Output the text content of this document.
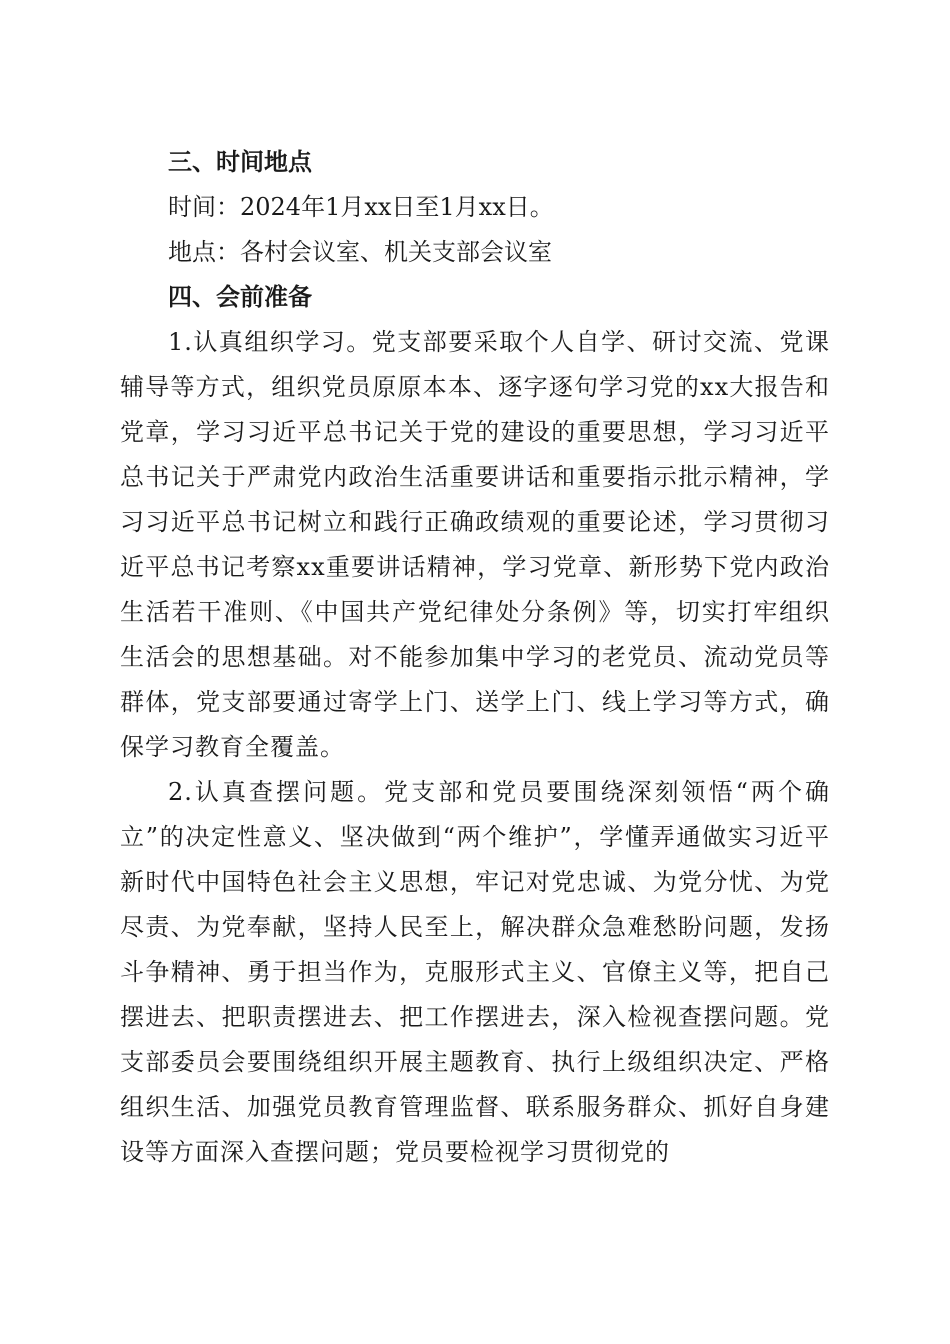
三、时间地点

时间：2024年1月xx日至1月xx日。

地点：各村会议室、机关支部会议室

四、会前准备

1.认真组织学习。党支部要采取个人自学、研讨交流、党课辅导等方式，组织党员原原本本、逐字逐句学习党的xx大报告和党章，学习习近平总书记关于党的建设的重要思想，学习习近平总书记关于严肃党内政治生活重要讲话和重要指示批示精神，学习习近平总书记树立和践行正确政绩观的重要论述，学习贯彻习近平总书记考察xx重要讲话精神，学习党章、新形势下党内政治生活若干准则、《中国共产党纪律处分条例》等，切实打牢组织生活会的思想基础。对不能参加集中学习的老党员、流动党员等群体，党支部要通过寄学上门、送学上门、线上学习等方式，确保学习教育全覆盖。

2.认真查摆问题。党支部和党员要围绕深刻领悟“两个确立”的决定性意义、坚决做到“两个维护”，学懂弄通做实习近平新时代中国特色社会主义思想，牢记对党忠诚、为党分忧、为党尽责、为党奉献，坚持人民至上，解决群众急难愁盼问题，发扬斗争精神、勇于担当作为，克服形式主义、官僚主义等，把自己摆进去、把职责摆进去、把工作摆进去，深入检视查摆问题。党支部委员会要围绕组织开展主题教育、执行上级组织决定、严格组织生活、加强党员教育管理监督、联系服务群众、抓好自身建设等方面深入查摆问题；党员要检视学习贯彻党的
